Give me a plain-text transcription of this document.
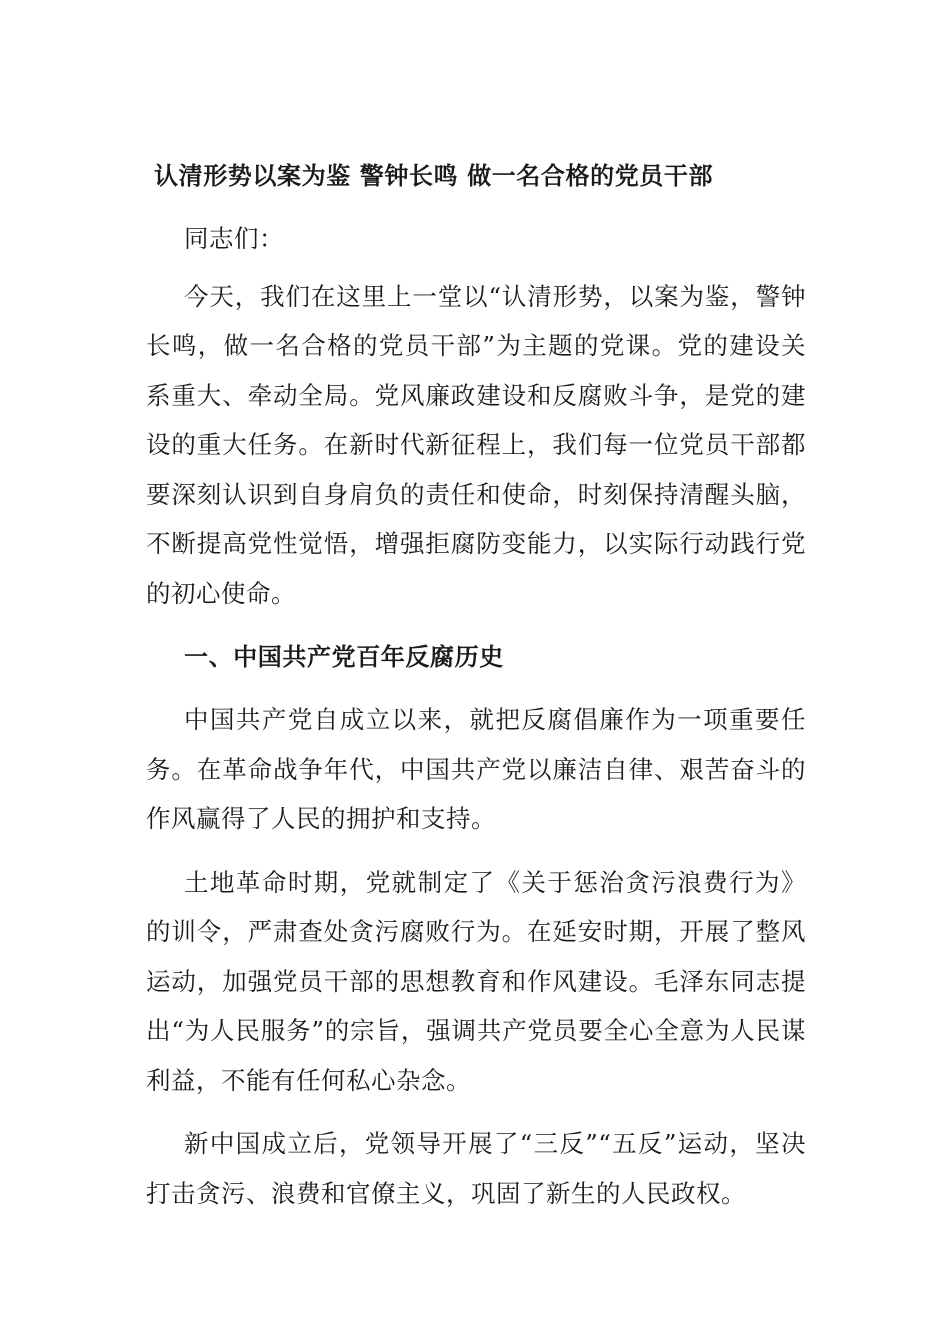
认清形势以案为鉴 警钟长鸣 做一名合格的党员干部

同志们：

今天，我们在这里上一堂以“认清形势，以案为鉴，警钟长鸣，做一名合格的党员干部”为主题的党课。党的建设关系重大、牵动全局。党风廉政建设和反腐败斗争，是党的建设的重大任务。在新时代新征程上，我们每一位党员干部都要深刻认识到自身肩负的责任和使命，时刻保持清醒头脑，不断提高党性觉悟，增强拒腐防变能力，以实际行动践行党的初心使命。

一、中国共产党百年反腐历史

中国共产党自成立以来，就把反腐倡廉作为一项重要任务。在革命战争年代，中国共产党以廉洁自律、艰苦奋斗的作风赢得了人民的拥护和支持。

土地革命时期，党就制定了《关于惩治贪污浪费行为》的训令，严肃查处贪污腐败行为。在延安时期，开展了整风运动，加强党员干部的思想教育和作风建设。毛泽东同志提出“为人民服务”的宗旨，强调共产党员要全心全意为人民谋利益，不能有任何私心杂念。

新中国成立后，党领导开展了“三反”“五反”运动，坚决打击贪污、浪费和官僚主义，巩固了新生的人民政权。
